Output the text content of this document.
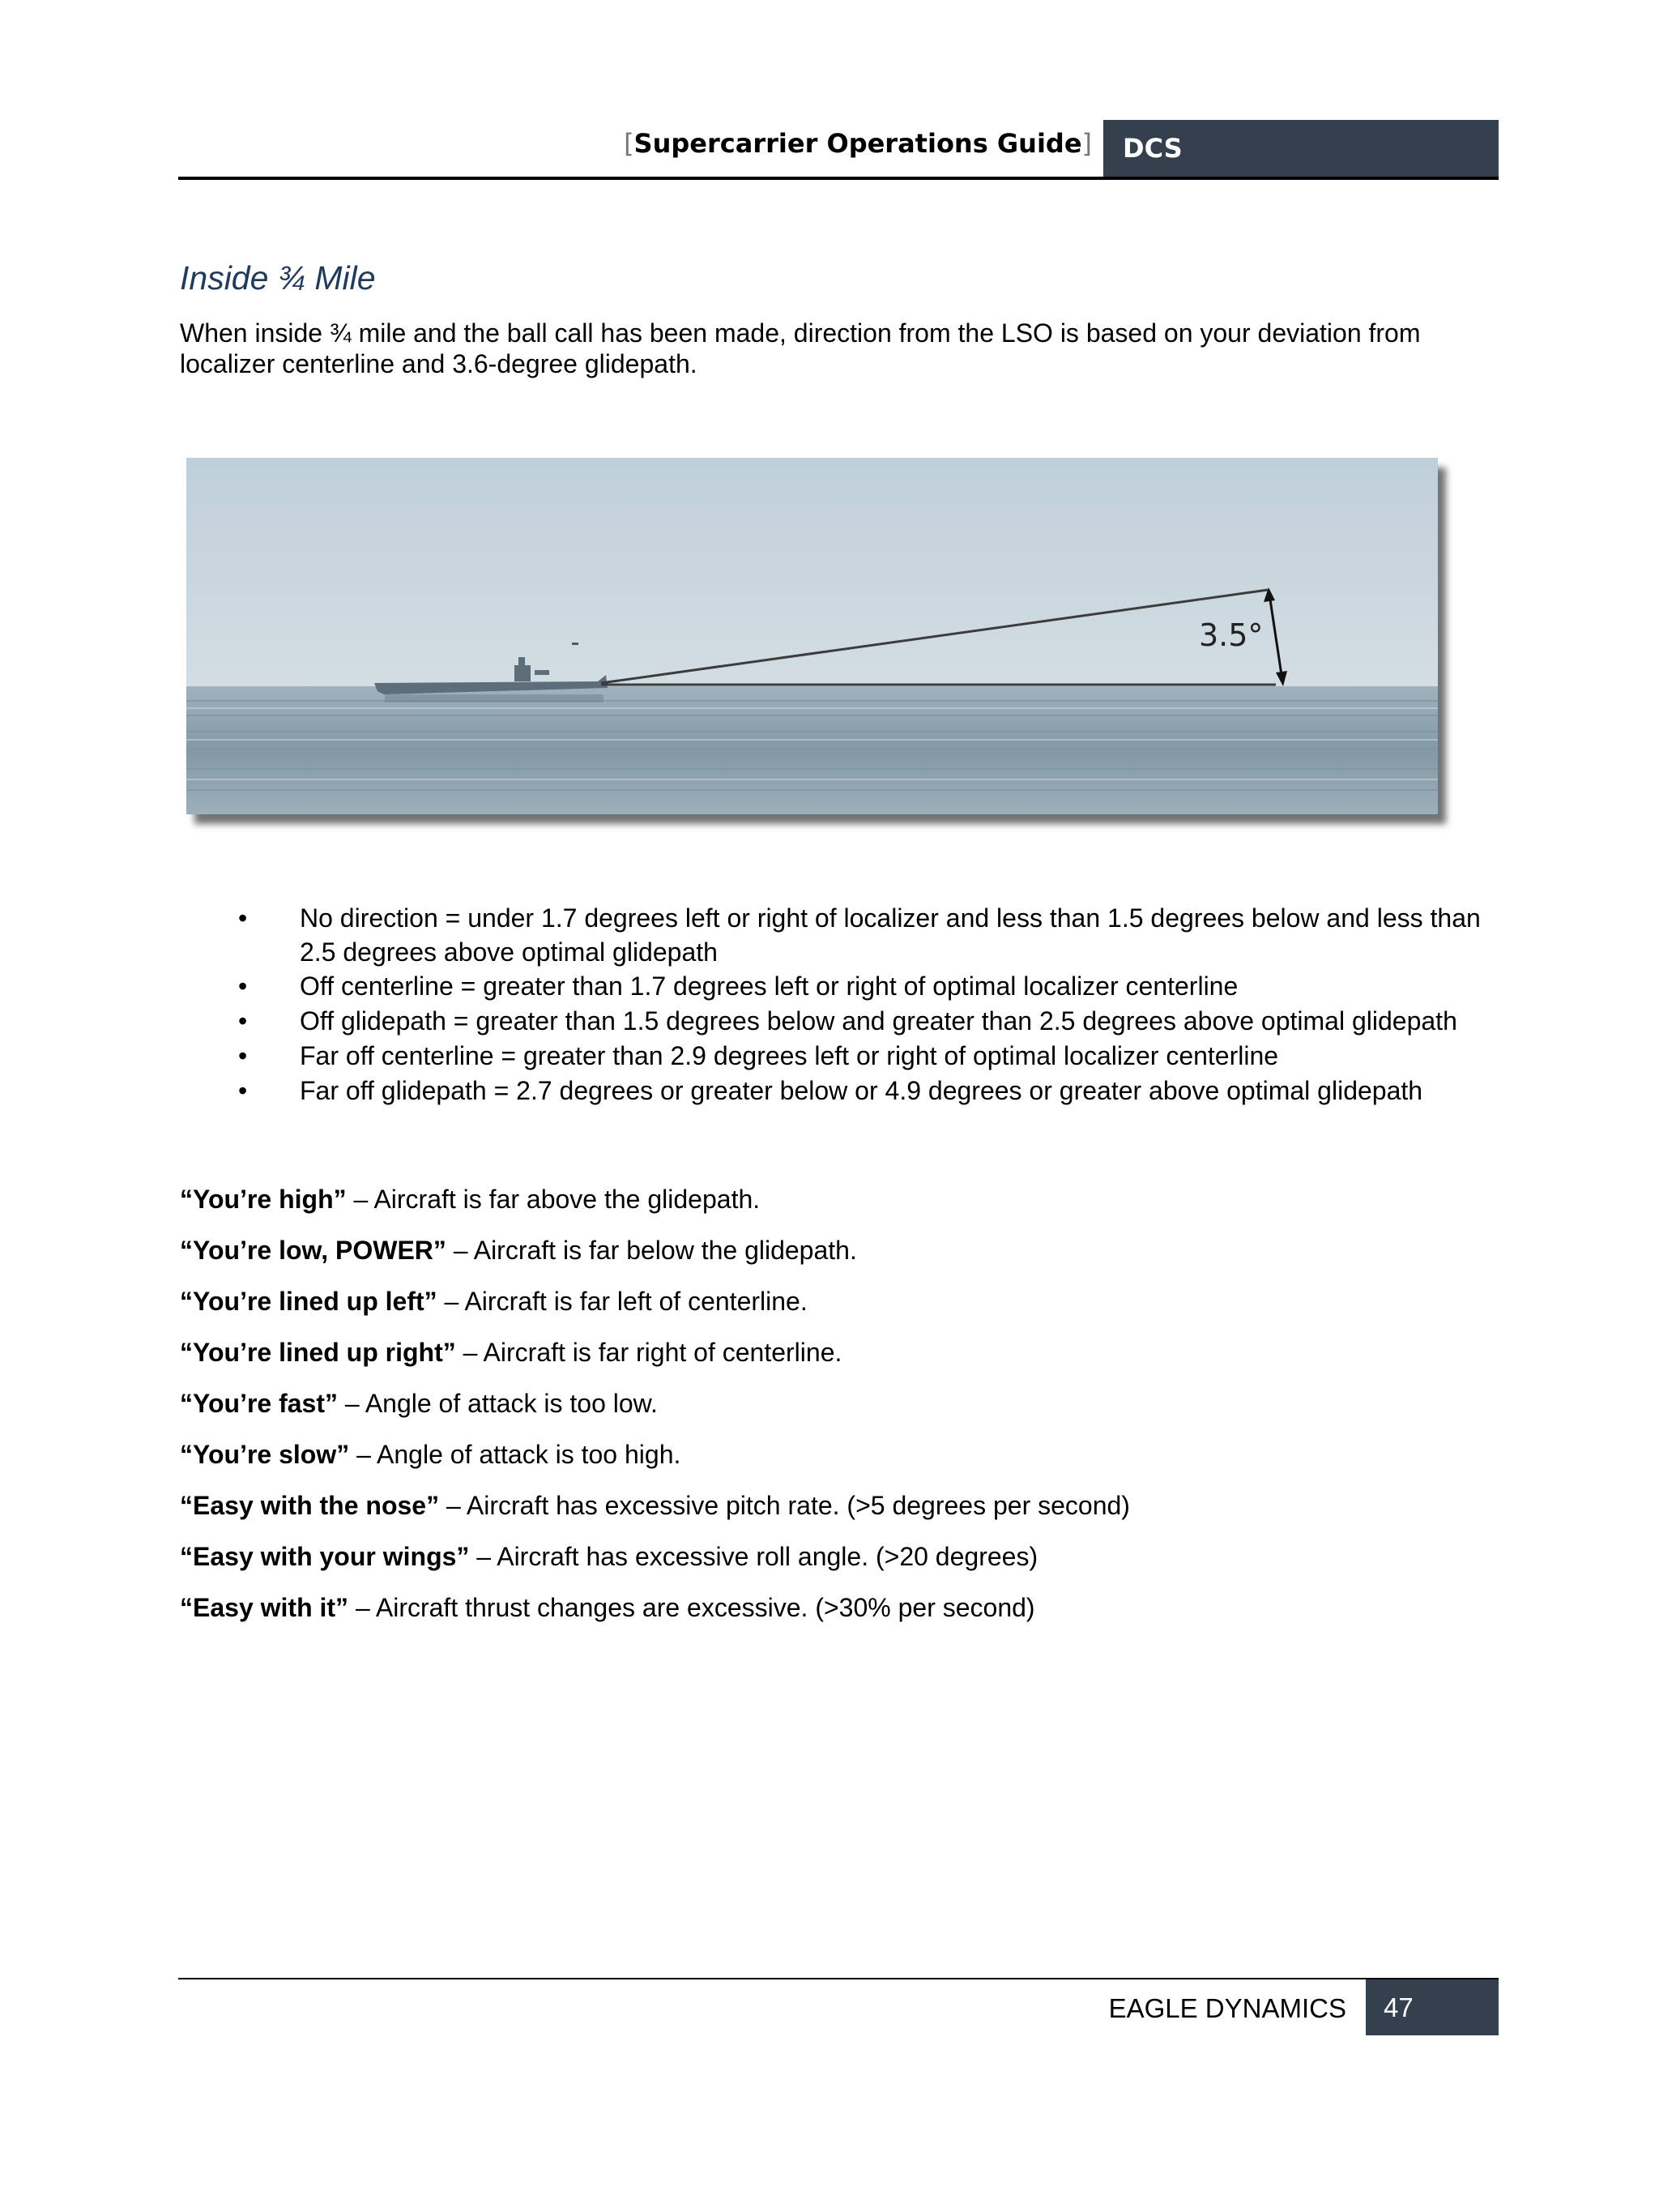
[Supercarrier Operations Guide]	DCS
Inside ¾ Mile
When inside ¾ mile and the ball call has been made, direction from the LSO is based on your deviation from localizer centerline and 3.6-degree glidepath.
3.5°
• No direction = under 1.7 degrees left or right of localizer and less than 1.5 degrees below and less than 2.5 degrees above optimal glidepath
• Off centerline = greater than 1.7 degrees left or right of optimal localizer centerline
• Off glidepath = greater than 1.5 degrees below and greater than 2.5 degrees above optimal glidepath
• Far off centerline = greater than 2.9 degrees left or right of optimal localizer centerline
• Far off glidepath = 2.7 degrees or greater below or 4.9 degrees or greater above optimal glidepath
“You’re high” – Aircraft is far above the glidepath.
“You’re low, POWER” – Aircraft is far below the glidepath.
“You’re lined up left” – Aircraft is far left of centerline.
“You’re lined up right” – Aircraft is far right of centerline.
“You’re fast” – Angle of attack is too low.
“You’re slow” – Angle of attack is too high.
“Easy with the nose” – Aircraft has excessive pitch rate. (>5 degrees per second)
“Easy with your wings” – Aircraft has excessive roll angle. (>20 degrees)
“Easy with it” – Aircraft thrust changes are excessive. (>30% per second)
EAGLE DYNAMICS	47
